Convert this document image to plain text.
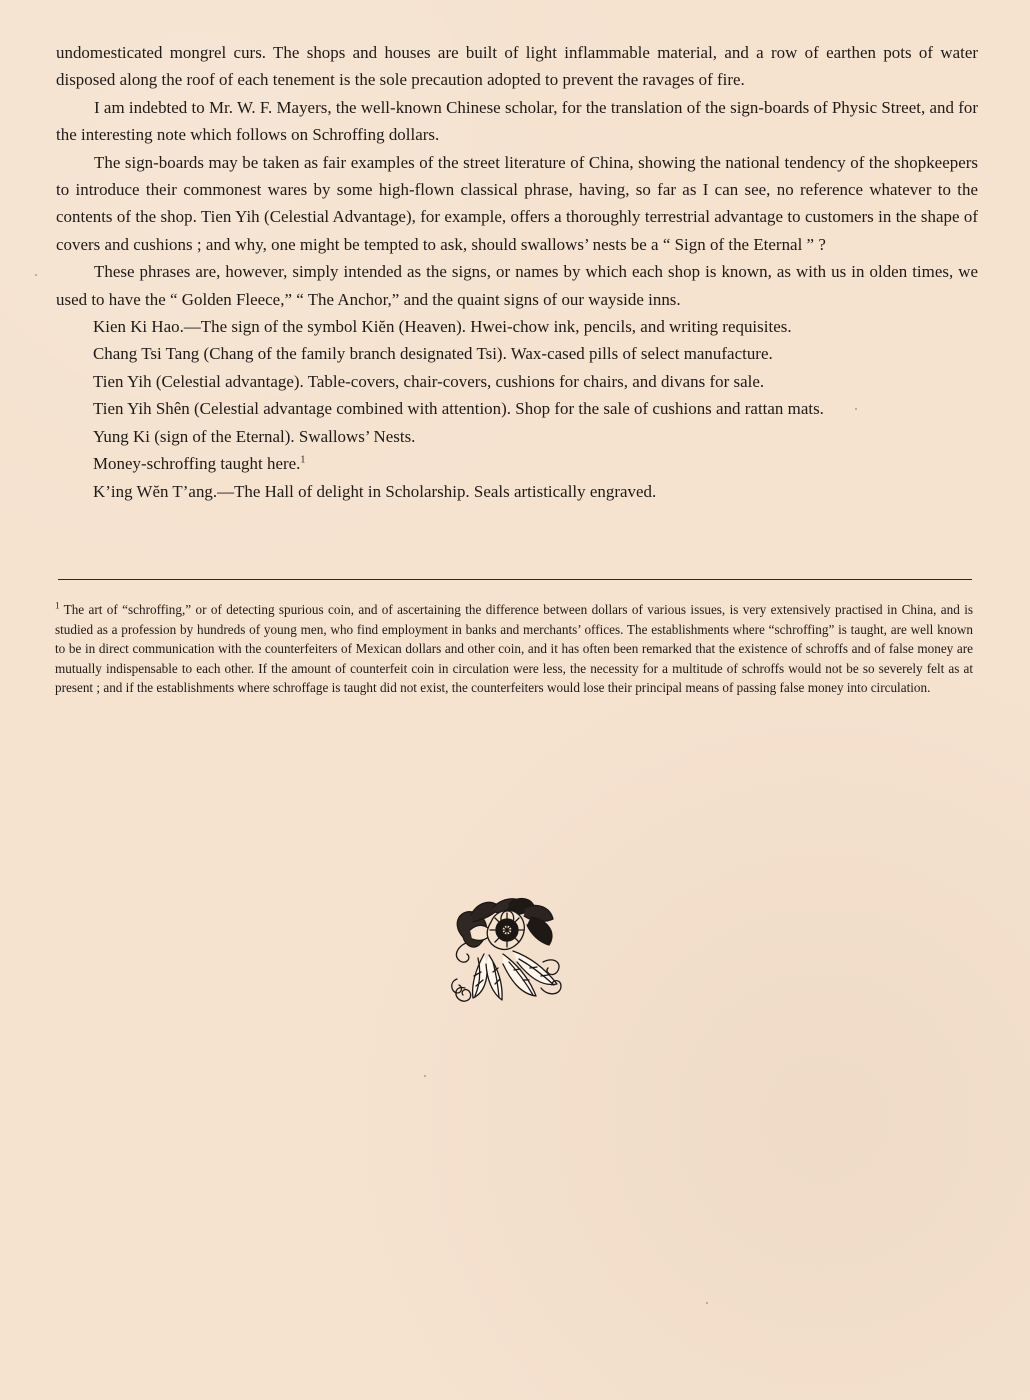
undomesticated mongrel curs. The shops and houses are built of light inflammable material, and a row of earthen pots of water disposed along the roof of each tenement is the sole precaution adopted to prevent the ravages of fire.

I am indebted to Mr. W. F. Mayers, the well-known Chinese scholar, for the translation of the sign-boards of Physic Street, and for the interesting note which follows on Schroffing dollars.

The sign-boards may be taken as fair examples of the street literature of China, showing the national tendency of the shopkeepers to introduce their commonest wares by some high-flown classical phrase, having, so far as I can see, no reference whatever to the contents of the shop. Tien Yih (Celestial Advantage), for example, offers a thoroughly terrestrial advantage to customers in the shape of covers and cushions ; and why, one might be tempted to ask, should swallows’ nests be a “ Sign of the Eternal ” ?

These phrases are, however, simply intended as the signs, or names by which each shop is known, as with us in olden times, we used to have the “ Golden Fleece,” “ The Anchor,” and the quaint signs of our wayside inns.

Kien Ki Hao.—The sign of the symbol Kiĕn (Heaven). Hwei-chow ink, pencils, and writing requisites.

Chang Tsi Tang (Chang of the family branch designated Tsi). Wax-cased pills of select manufacture.

Tien Yih (Celestial advantage). Table-covers, chair-covers, cushions for chairs, and divans for sale.

Tien Yih Shên (Celestial advantage combined with attention). Shop for the sale of cushions and rattan mats.

Yung Ki (sign of the Eternal). Swallows’ Nests.

Money-schroffing taught here.$^1$

K’ing Wĕn T’ang.—The Hall of delight in Scholarship. Seals artistically engraved.

$^1$ The art of “schroffing,” or of detecting spurious coin, and of ascertaining the difference between dollars of various issues, is very extensively practised in China, and is studied as a profession by hundreds of young men, who find employment in banks and merchants’ offices. The establishments where “schroffing” is taught, are well known to be in direct communication with the counterfeiters of Mexican dollars and other coin, and it has often been remarked that the existence of schroffs and of false money are mutually indispensable to each other. If the amount of counterfeit coin in circulation were less, the necessity for a multitude of schroffs would not be so severely felt as at present ; and if the establishments where schroffage is taught did not exist, the counterfeiters would lose their principal means of passing false money into circulation.
